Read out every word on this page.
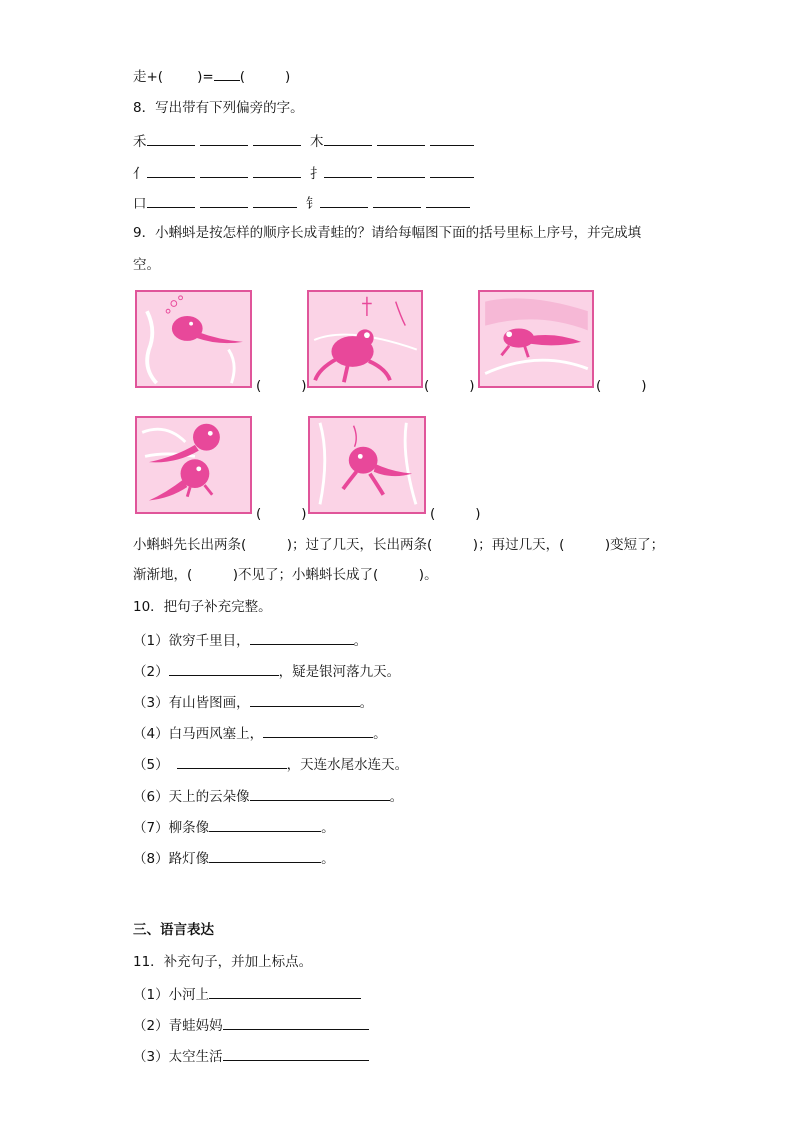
走+(	)= (	)
8．写出带有下列偏旁的字。
禾	木
亻	扌
口	钅
9．小蝌蚪是按怎样的顺序长成青蛙的？请给每幅图下面的括号里标上序号，并完成填
空。
(	)	(	)	(	)
(	)	(	)
小蝌蚪先长出两条(　　　)；过了几天，长出两条(　　　)；再过几天，(　　　)变短了；
渐渐地，(　　　)不见了；小蝌蚪长成了(　　　)。
10．把句子补充完整。
（1）欲穷千里目，	。
（2）	，疑是银河落九天。
（3）有山皆图画，	。
（4）白马西风塞上，	。
（5）	，天连水尾水连天。
（6）天上的云朵像	。
（7）柳条像	。
（8）路灯像	。
三、语言表达
11．补充句子，并加上标点。
（1）小河上
（2）青蛙妈妈
（3）太空生活
